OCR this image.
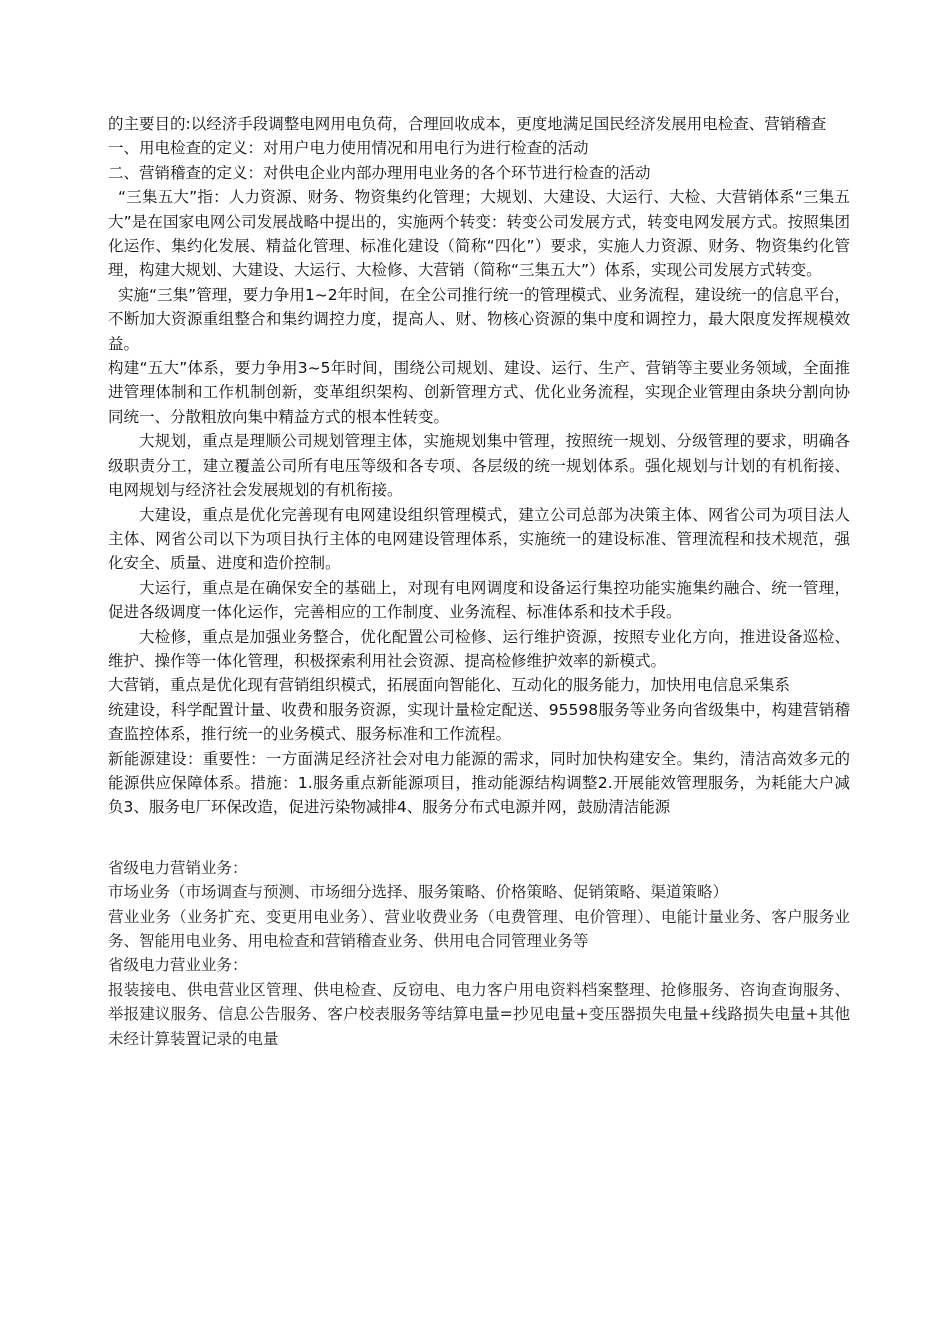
的主要目的:以经济手段调整电网用电负荷，合理回收成本，更度地满足国民经济发展用电检查、营销稽查

一、用电检查的定义：对用户电力使用情况和用电行为进行检查的活动

二、营销稽查的定义：对供电企业内部办理用电业务的各个环节进行检查的活动

“三集五大”指：人力资源、财务、物资集约化管理；大规划、大建设、大运行、大检、大营销体系“三集五大”是在国家电网公司发展战略中提出的，实施两个转变：转变公司发展方式，转变电网发展方式。按照集团化运作、集约化发展、精益化管理、标准化建设（简称“四化”）要求，实施人力资源、财务、物资集约化管理，构建大规划、大建设、大运行、大检修、大营销（简称“三集五大”）体系，实现公司发展方式转变。

实施“三集”管理，要力争用1~2年时间，在全公司推行统一的管理模式、业务流程，建设统一的信息平台，不断加大资源重组整合和集约调控力度，提高人、财、物核心资源的集中度和调控力，最大限度发挥规模效益。

构建“五大”体系，要力争用3~5年时间，围绕公司规划、建设、运行、生产、营销等主要业务领域，全面推进管理体制和工作机制创新，变革组织架构、创新管理方式、优化业务流程，实现企业管理由条块分割向协同统一、分散粗放向集中精益方式的根本性转变。

大规划，重点是理顺公司规划管理主体，实施规划集中管理，按照统一规划、分级管理的要求，明确各级职责分工，建立覆盖公司所有电压等级和各专项、各层级的统一规划体系。强化规划与计划的有机衔接、电网规划与经济社会发展规划的有机衔接。

大建设，重点是优化完善现有电网建设组织管理模式，建立公司总部为决策主体、网省公司为项目法人主体、网省公司以下为项目执行主体的电网建设管理体系，实施统一的建设标准、管理流程和技术规范，强化安全、质量、进度和造价控制。

大运行，重点是在确保安全的基础上，对现有电网调度和设备运行集控功能实施集约融合、统一管理，促进各级调度一体化运作，完善相应的工作制度、业务流程、标准体系和技术手段。

大检修，重点是加强业务整合，优化配置公司检修、运行维护资源，按照专业化方向，推进设备巡检、维护、操作等一体化管理，积极探索利用社会资源、提高检修维护效率的新模式。

大营销，重点是优化现有营销组织模式，拓展面向智能化、互动化的服务能力，加快用电信息采集系

统建设，科学配置计量、收费和服务资源，实现计量检定配送、95598服务等业务向省级集中，构建营销稽查监控体系，推行统一的业务模式、服务标准和工作流程。

新能源建设：重要性：一方面满足经济社会对电力能源的需求，同时加快构建安全。集约，清洁高效多元的能源供应保障体系。措施：1.服务重点新能源项目，推动能源结构调整2.开展能效管理服务，为耗能大户减负3、服务电厂环保改造，促进污染物减排4、服务分布式电源并网，鼓励清洁能源

省级电力营销业务：

市场业务（市场调查与预测、市场细分选择、服务策略、价格策略、促销策略、渠道策略）

营业业务（业务扩充、变更用电业务）、营业收费业务（电费管理、电价管理）、电能计量业务、客户服务业务、智能用电业务、用电检查和营销稽查业务、供用电合同管理业务等

省级电力营业业务：

报装接电、供电营业区管理、供电检查、反窃电、电力客户用电资料档案整理、抢修服务、咨询查询服务、举报建议服务、信息公告服务、客户校表服务等结算电量=抄见电量+变压器损失电量+线路损失电量+其他未经计算装置记录的电量
